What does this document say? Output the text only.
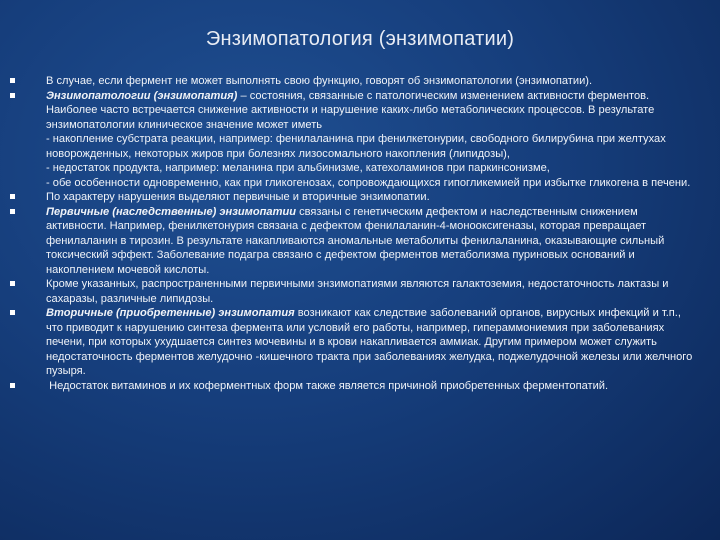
Энзимопатология (энзимопатии)
В случае, если фермент не может выполнять свою функцию, говорят об энзимопатологии (энзимопатии).
Энзимопатологии (энзимопатия) – состояния, связанные с патологическим изменением активности ферментов. Наиболее часто встречается снижение активности и нарушение каких-либо метаболических процессов. В результате энзимопатологии клиническое значение может иметь
- накопление субстрата реакции, например: фенилаланина при фенилкетонурии, свободного билирубина при желтухах новорожденных, некоторых жиров при болезнях лизосомального накопления (липидозы),
- недостаток продукта, например: меланина при альбинизме, катехоламинов при паркинсонизме,
- обе особенности одновременно, как при гликогенозах, сопровождающихся гипогликемией при избытке гликогена в печени.
По характеру нарушения выделяют первичные и вторичные энзимопатии.
Первичные (наследственные) энзимопатии связаны с генетическим дефектом и наследственным снижением активности. Например, фенилкетонурия связана с дефектом фенилаланин-4-монооксигеназы, которая превращает фенилаланин в тирозин. В результате накапливаются аномальные метаболиты фенилаланина, оказывающие сильный токсический эффект. Заболевание подагра связано с дефектом ферментов метаболизма пуриновых оснований и накоплением мочевой кислоты.
Кроме указанных, распространенными первичными энзимопатиями являются галактоземия, недостаточность лактазы и сахаразы, различные липидозы.
Вторичные (приобретенные) энзимопатия возникают как следствие заболеваний органов, вирусных инфекций и т.п., что приводит к нарушению синтеза фермента или условий его работы, например, гипераммониемия при заболеваниях печени, при которых ухудшается синтез мочевины и в крови накапливается аммиак. Другим примером может служить недостаточность ферментов желудочно -кишечного тракта при заболеваниях желудка, поджелудочной железы или желчного пузыря.
Недостаток витаминов и их коферментных форм также является причиной приобретенных ферментопатий.
